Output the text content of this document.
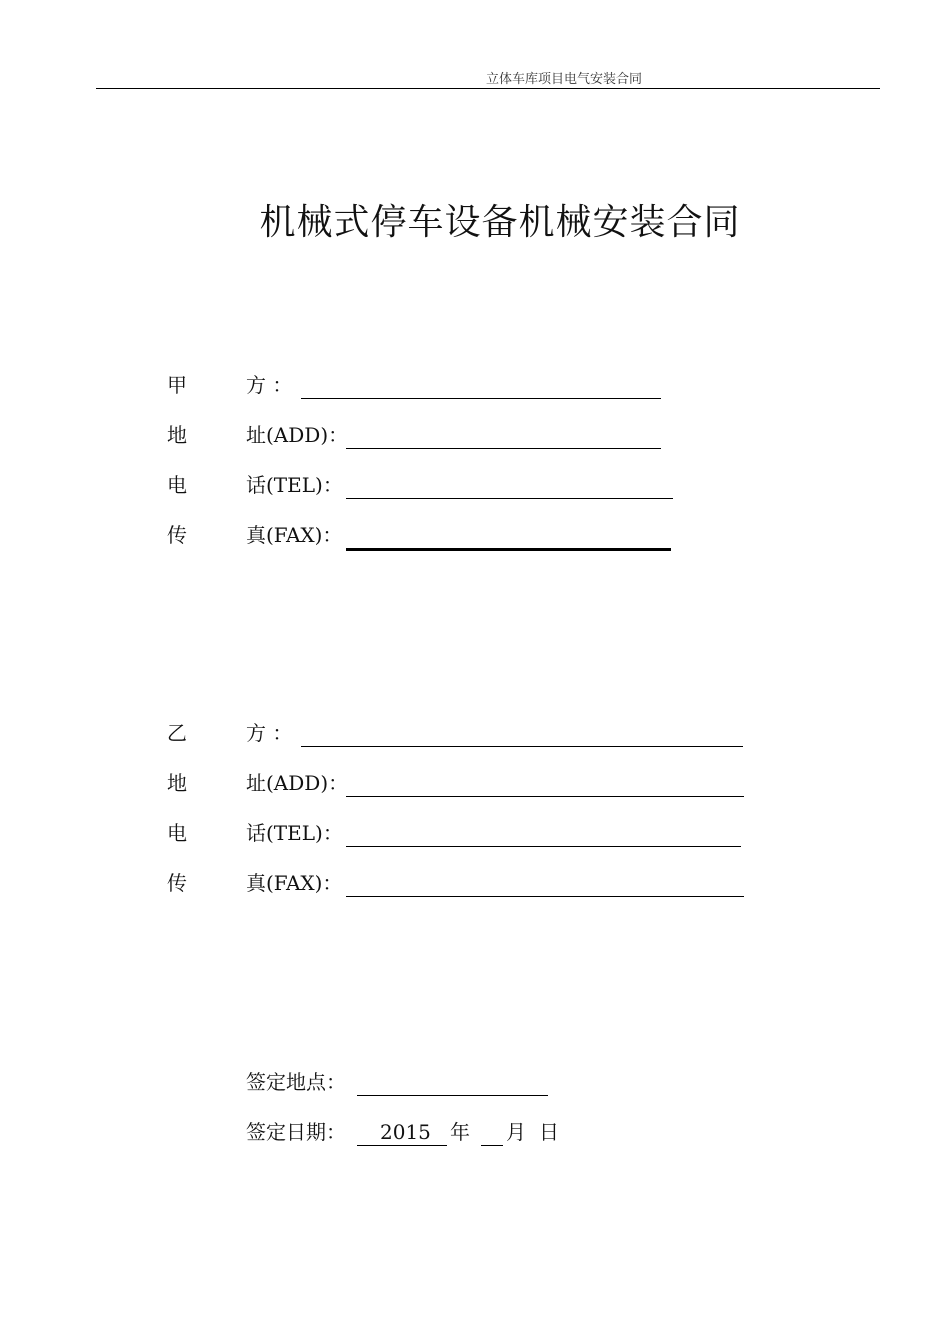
立体车库项目电气安装合同
机械式停车设备机械安装合同
甲	方 ：
地	址(ADD)：
电	话(TEL)：
传	真(FAX)：
乙	方 ：
地	址(ADD)：
电	话(TEL)：
传	真(FAX)：
签定地点：
签定日期： 2015 年 月 日
